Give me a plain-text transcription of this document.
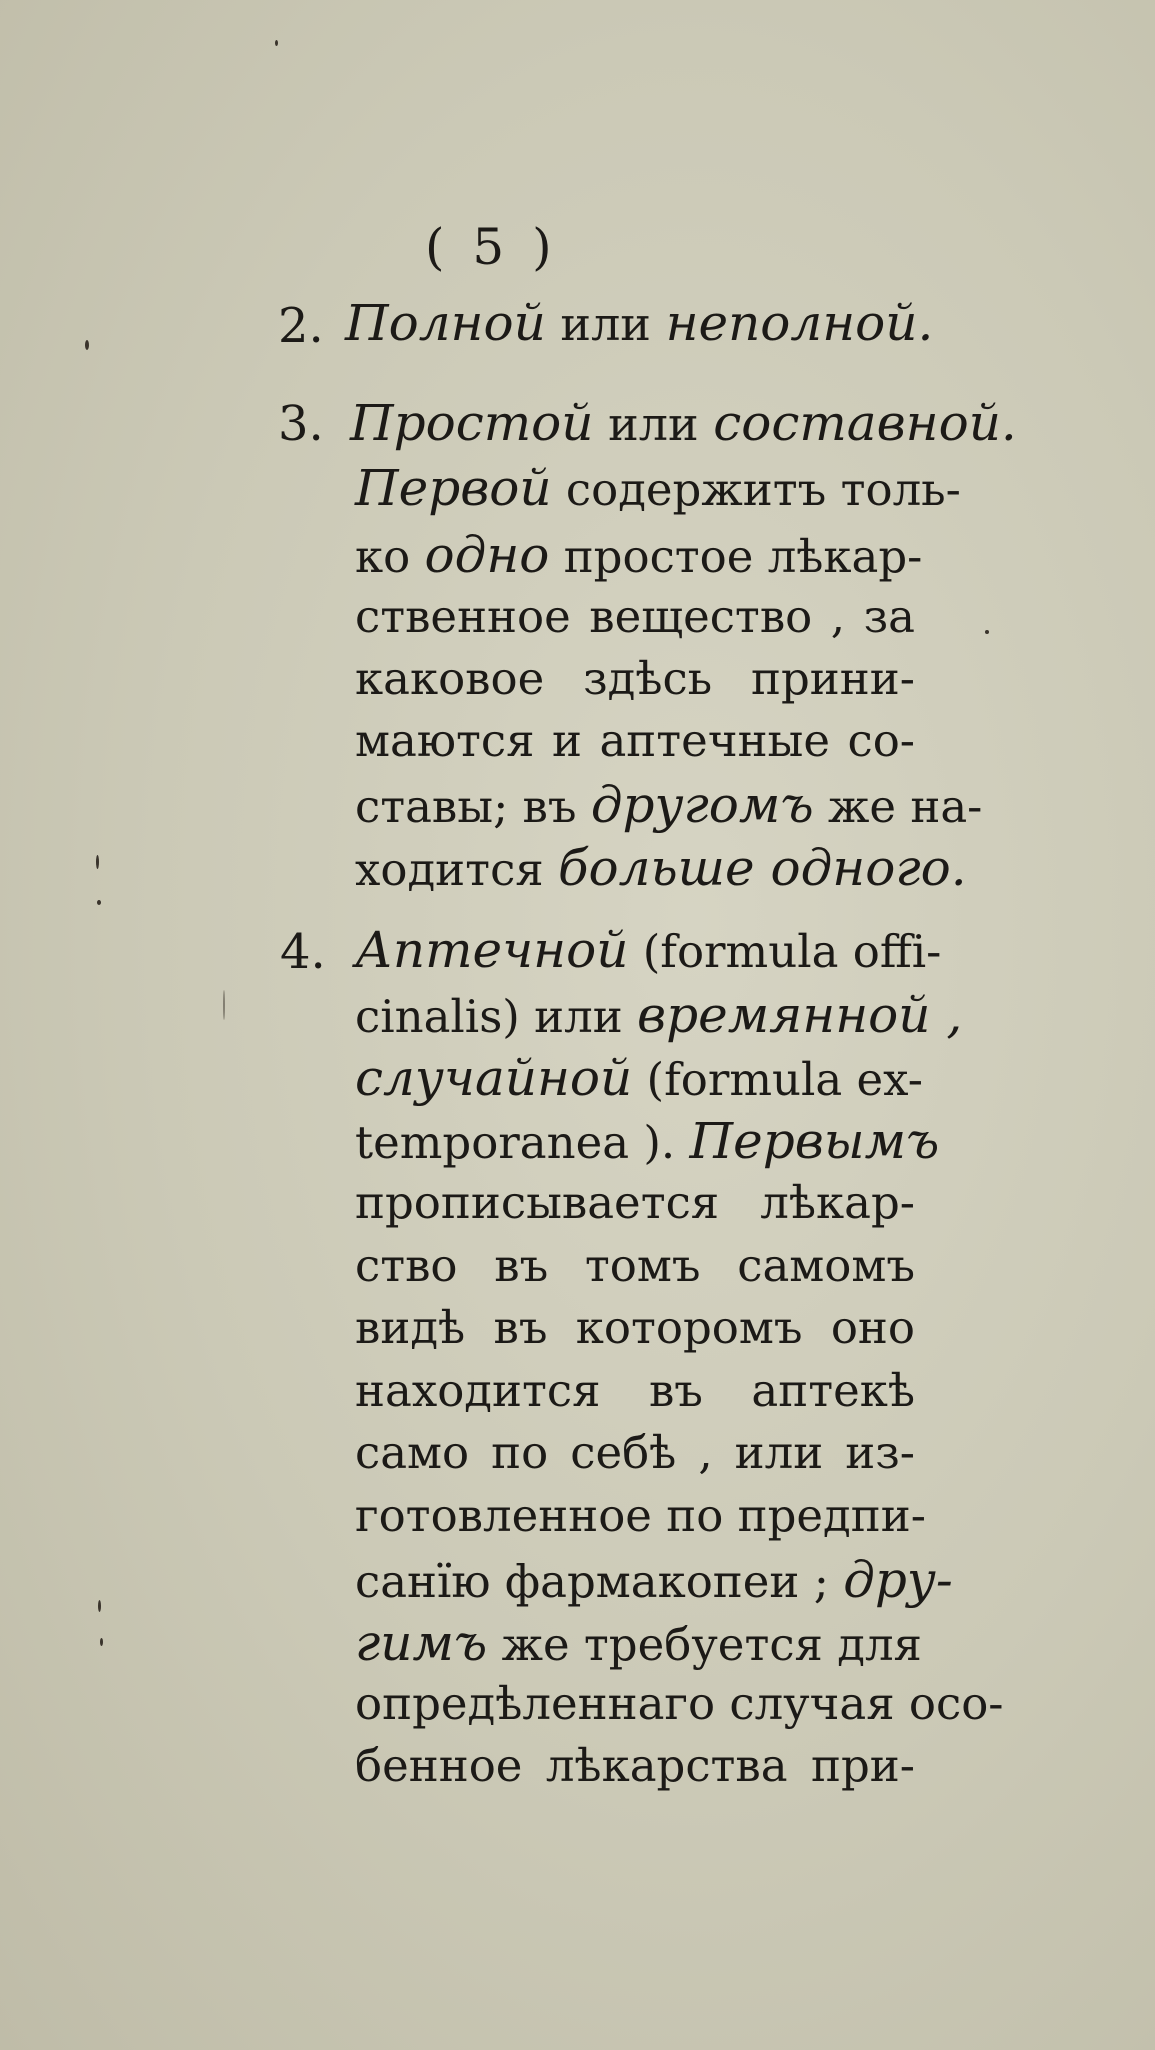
( 5 )
2. Полной или неполной.
3. Простой или составной.
Первой содержитъ толь-
ко одно простое лѣкар-
ственное вещество , за
каковое здѣсь прини-
маются и аптечные со-
ставы; въ другомъ же на-
ходится больше одного.
4. Аптечной (formula offi-
cinalis) или времянной ,
случайной (formula ex-
temporanea ). Первымъ
прописывается лѣкар-
ство въ томъ самомъ
видѣ въ которомъ оно
находится въ аптекѣ
само по себѣ , или из-
готовленное по предпи-
санїю фармакопеи ; дру-
гимъ же требуется для
опредѣленнаго случая осо-
бенное лѣкарства при-
